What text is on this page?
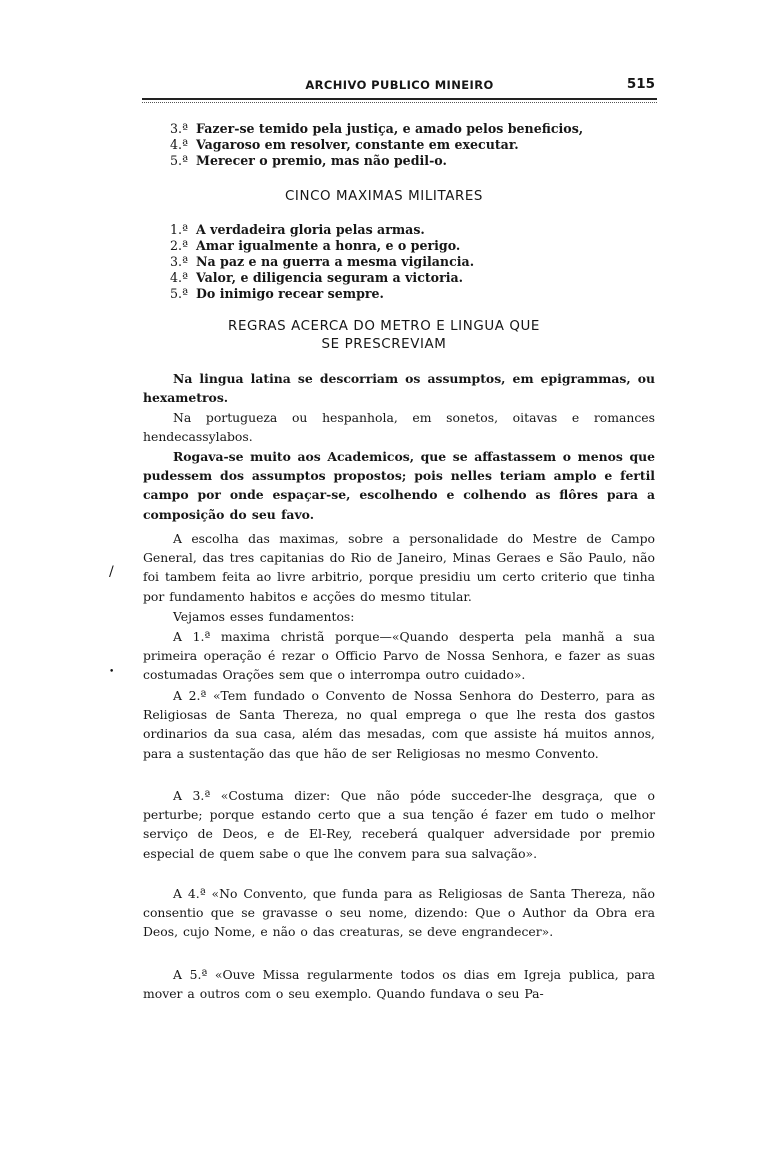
ARCHIVO PUBLICO MINEIRO	515
3.ª Fazer-se temido pela justiça, e amado pelos beneficios,
4.ª Vagaroso em resolver, constante em executar.
5.ª Merecer o premio, mas não pedil-o.
CINCO MAXIMAS MILITARES
1.ª A verdadeira gloria pelas armas.
2.ª Amar igualmente a honra, e o perigo.
3.ª Na paz e na guerra a mesma vigilancia.
4.ª Valor, e diligencia seguram a victoria.
5.ª Do inimigo recear sempre.
REGRAS ACERCA DO METRO E LINGUA QUE
SE PRESCREVIAM
Na lingua latina se descorriam os assumptos, em epigrammas, ou hexametros.
Na portugueza ou hespanhola, em sonetos, oitavas e romances hendecassylabos.
Rogava-se muito aos Academicos, que se affastassem o menos que pudessem dos assumptos propostos; pois nelles teriam amplo e fertil campo por onde espaçar-se, escolhendo e colhendo as flôres para a composição do seu favo.
A escolha das maximas, sobre a personalidade do Mestre de Campo General, das tres capitanias do Rio de Janeiro, Minas Geraes e São Paulo, não foi tambem feita ao livre arbitrio, porque presidiu um certo criterio que tinha por fundamento habitos e acções do mesmo titular.
Vejamos esses fundamentos:
A 1.ª maxima christã porque—«Quando desperta pela manhã a sua primeira operação é rezar o Officio Parvo de Nossa Senhora, e fazer as suas costumadas Orações sem que o interrompa outro cuidado».
A 2.ª «Tem fundado o Convento de Nossa Senhora do Desterro, para as Religiosas de Santa Thereza, no qual emprega o que lhe resta dos gastos ordinarios da sua casa, além das mesadas, com que assiste há muitos annos, para a sustentação das que hão de ser Religiosas no mesmo Convento.
A 3.ª «Costuma dizer: Que não póde succeder-lhe desgraça, que o perturbe; porque estando certo que a sua tenção é fazer em tudo o melhor serviço de Deos, e de El-Rey, receberá qualquer adversidade por premio especial de quem sabe o que lhe convem para sua salvação».
A 4.ª «No Convento, que funda para as Religiosas de Santa Thereza, não consentio que se gravasse o seu nome, dizendo: Que o Author da Obra era Deos, cujo Nome, e não o das creaturas, se deve engrandecer».
A 5.ª «Ouve Missa regularmente todos os dias em Igreja publica, para mover a outros com o seu exemplo. Quando fundava o seu Pa-
/
•
